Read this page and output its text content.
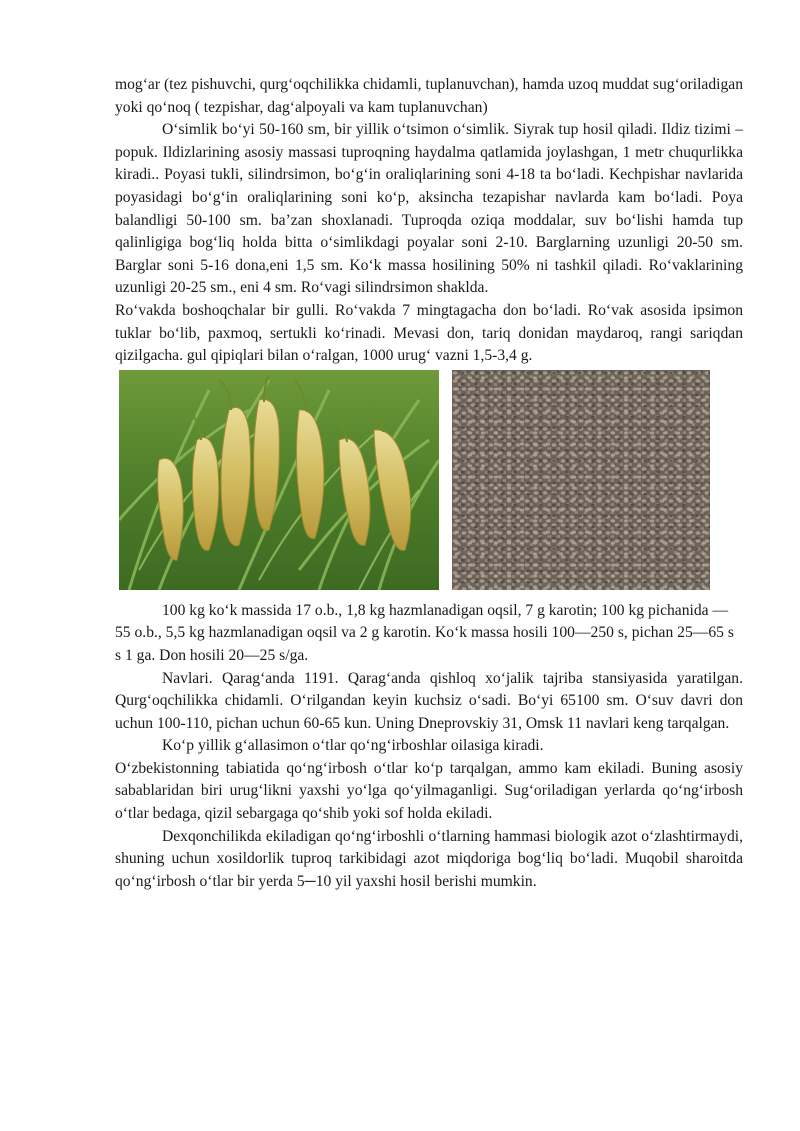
mog‘ar (tez pishuvchi, qurg‘oqchilikka chidamli, tuplanuvchan), hamda uzoq muddat sug‘oriladigan yoki qo‘noq ( tezpishar, dag‘alpoyali va kam tuplanuvchan)

O‘simlik bo‘yi 50-160 sm, bir yillik o‘tsimon o‘simlik. Siyrak tup hosil qiladi. Ildiz tizimi – popuk. Ildizlarining asosiy massasi tuproqning haydalma qatlamida joylashgan, 1 metr chuqurlikka kiradi.. Poyasi tukli, silindrsimon, bo‘g‘in oraliqlarining soni 4-18 ta bo‘ladi. Kechpishar navlarida poyasidagi bo‘g‘in oraliqlarining soni ko‘p, aksincha tezapishar navlarda kam bo‘ladi. Poya balandligi 50-100 sm. ba’zan shoxlanadi. Tuproqda oziqa moddalar, suv bo‘lishi hamda tup qalinligiga bog‘liq holda bitta o‘simlikdagi poyalar soni 2-10. Barglarning uzunligi 20-50 sm. Barglar soni 5-16 dona,eni 1,5 sm. Ko‘k massa hosilining 50% ni tashkil qiladi. Ro‘vaklarining uzunligi 20-25 sm., eni 4 sm. Ro‘vagi silindrsimon shaklda.

Ro‘vakda boshoqchalar bir gulli. Ro‘vakda 7 mingtagacha don bo‘ladi. Ro‘vak asosida ipsimon tuklar bo‘lib, paxmoq, sertukli ko‘rinadi. Mevasi don, tariq donidan maydaroq, rangi sariqdan qizilgacha. gul qipiqlari bilan o‘ralgan, 1000 urug‘ vazni 1,5-3,4 g.

100 kg ko‘k massida 17 o.b., 1,8 kg hazmlanadigan oqsil, 7 g karotin; 100 kg pichanida — 55 o.b., 5,5 kg hazmlanadigan oqsil va 2 g karotin. Ko‘k massa hosili 100—250 s, pichan 25—65 s s 1 ga. Don hosili 20—25 s/ga.

Navlari. Qarag‘anda 1191. Qarag‘anda qishloq xo‘jalik tajriba stansiyasida yaratilgan. Qurg‘oqchilikka chidamli. O‘rilgandan keyin kuchsiz o‘sadi. Bo‘yi 65100 sm. O‘suv davri don uchun 100-110, pichan uchun 60-65 kun. Uning Dneprovskiy 31, Omsk 11 navlari keng tarqalgan.

Ko‘p yillik g‘allasimon o‘tlar qo‘ng‘irboshlar oilasiga kiradi.

O‘zbekistonning tabiatida qo‘ng‘irbosh o‘tlar ko‘p tarqalgan, ammo kam ekiladi. Buning asosiy sabablaridan biri urug‘likni yaxshi yo‘lga qo‘yilmaganligi. Sug‘oriladigan yerlarda qo‘ng‘irbosh o‘tlar bedaga, qizil sebargaga qo‘shib yoki sof holda ekiladi.

Dexqonchilikda ekiladigan qo‘ng‘irboshli o‘tlarning hammasi biologik azot o‘zlashtirmaydi, shuning uchun xosildorlik tuproq tarkibidagi azot miqdoriga bog‘liq bo‘ladi. Muqobil sharoitda qo‘ng‘irbosh o‘tlar bir yerda 5─10 yil yaxshi hosil berishi mumkin.
